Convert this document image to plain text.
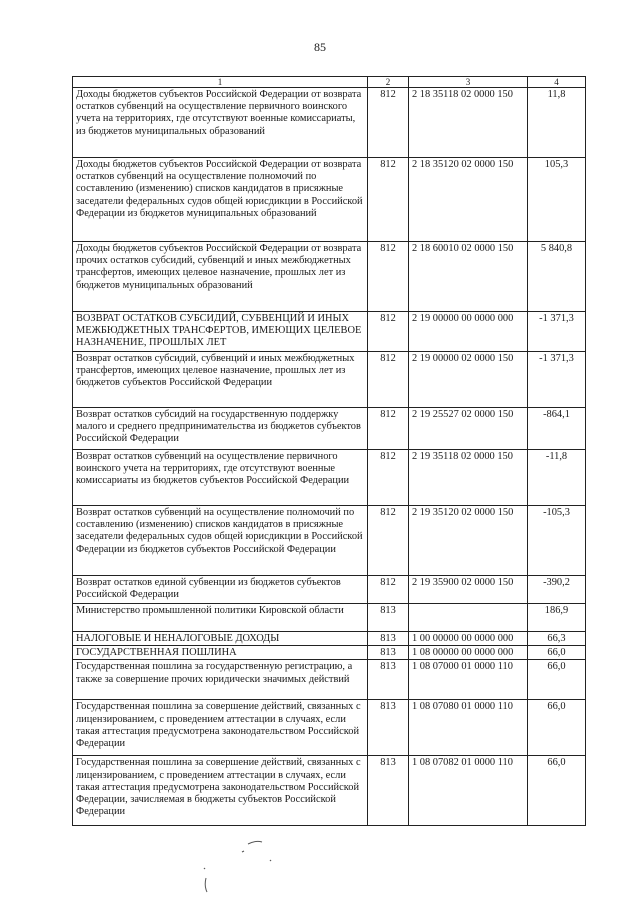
85
1	2	3	4
Доходы бюджетов субъектов Российской Федерации от возврата остатков субвенций на осуществление первичного воинского учета на территориях, где отсутствуют военные комиссариаты, из бюджетов муниципальных образований	812	2 18 35118 02 0000 150	11,8
Доходы бюджетов субъектов Российской Федерации от возврата остатков субвенций на осуществление полномочий по составлению (изменению) списков кандидатов в присяжные заседатели федеральных судов общей юрисдикции в Российской Федерации из бюджетов муниципальных образований	812	2 18 35120 02 0000 150	105,3
Доходы бюджетов субъектов Российской Федерации от возврата прочих остатков субсидий, субвенций и иных межбюджетных трансфертов, имеющих целевое назначение, прошлых лет из бюджетов муниципальных образований	812	2 18 60010 02 0000 150	5 840,8
ВОЗВРАТ ОСТАТКОВ СУБСИДИЙ, СУБВЕНЦИЙ И ИНЫХ МЕЖБЮДЖЕТНЫХ ТРАНСФЕРТОВ, ИМЕЮЩИХ ЦЕЛЕВОЕ НАЗНАЧЕНИЕ, ПРОШЛЫХ ЛЕТ	812	2 19 00000 00 0000 000	-1 371,3
Возврат остатков субсидий, субвенций и иных межбюджетных трансфертов, имеющих целевое назначение, прошлых лет из бюджетов субъектов Российской Федерации	812	2 19 00000 02 0000 150	-1 371,3
Возврат остатков субсидий на государственную поддержку малого и среднего предпринимательства из бюджетов субъектов Российской Федерации	812	2 19 25527 02 0000 150	-864,1
Возврат остатков субвенций на осуществление первичного воинского учета на территориях, где отсутствуют военные комиссариаты из бюджетов субъектов Российской Федерации	812	2 19 35118 02 0000 150	-11,8
Возврат остатков субвенций на осуществление полномочий по составлению (изменению) списков кандидатов в присяжные заседатели федеральных судов общей юрисдикции в Российской Федерации из бюджетов субъектов Российской Федерации	812	2 19 35120 02 0000 150	-105,3
Возврат остатков единой субвенции из бюджетов субъектов Российской Федерации	812	2 19 35900 02 0000 150	-390,2
Министерство промышленной политики Кировской области	813		186,9
НАЛОГОВЫЕ И НЕНАЛОГОВЫЕ ДОХОДЫ	813	1 00 00000 00 0000 000	66,3
ГОСУДАРСТВЕННАЯ ПОШЛИНА	813	1 08 00000 00 0000 000	66,0
Государственная пошлина за государственную регистрацию, а также за совершение прочих юридически значимых действий	813	1 08 07000 01 0000 110	66,0
Государственная пошлина за совершение действий, связанных с лицензированием, с проведением аттестации в случаях, если такая аттестация предусмотрена законодательством Российской Федерации	813	1 08 07080 01 0000 110	66,0
Государственная пошлина за совершение действий, связанных с лицензированием, с проведением аттестации в случаях, если такая аттестация предусмотрена законодательством Российской Федерации, зачисляемая в бюджеты субъектов Российской Федерации	813	1 08 07082 01 0000 110	66,0
